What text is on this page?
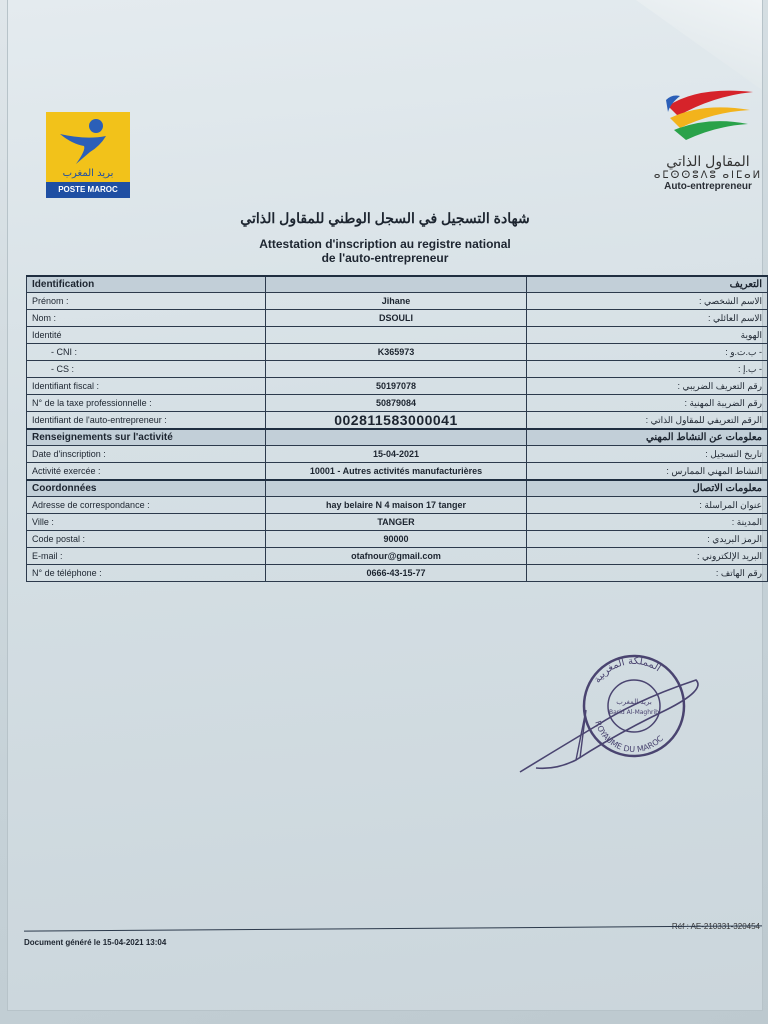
بريد المغرب
POSTE MAROC
المقاول الذاتي
ⴰⵎⵙⵙⵓⴷⵓ ⴰⵏⵎⴰⵍ
Auto-entrepreneur
شهادة التسجيل في السجل الوطني للمقاول الذاتي
Attestation d'inscription au registre national
de l'auto-entrepreneur
Identification		التعريف
Prénom :	Jihane	الاسم الشخصي :
Nom :	DSOULI	الاسم العائلي :
Identité		الهوية
- CNI :	K365973	- ب.ت.و :
- CS :		- ب.إ :
Identifiant fiscal :	50197078	رقم التعريف الضريبي :
N° de la taxe professionnelle :	50879084	رقم الضريبة المهنية :
Identifiant de l'auto-entrepreneur :	002811583000041	الرقم التعريفي للمقاول الذاتي :
Renseignements sur l'activité		معلومات عن النشاط المهني
Date d'inscription :	15-04-2021	تاريخ التسجيل :
Activité exercée :	10001 - Autres activités manufacturières	النشاط المهني الممارس :
Coordonnées		معلومات الاتصال
Adresse de correspondance :	hay belaire N 4 maison 17 tanger	عنوان المراسلة :
Ville :	TANGER	المدينة :
Code postal :	90000	الرمز البريدي :
E-mail :	otafnour@gmail.com	البريد الإلكتروني :
N° de téléphone :	0666-43-15-77	رقم الهاتف :
المملكة المغربية
ROYAUME DU MAROC
بريد المغرب
Barid Al-Maghrib
Réf : AE-210331-320454
Document généré le 15-04-2021 13:04
